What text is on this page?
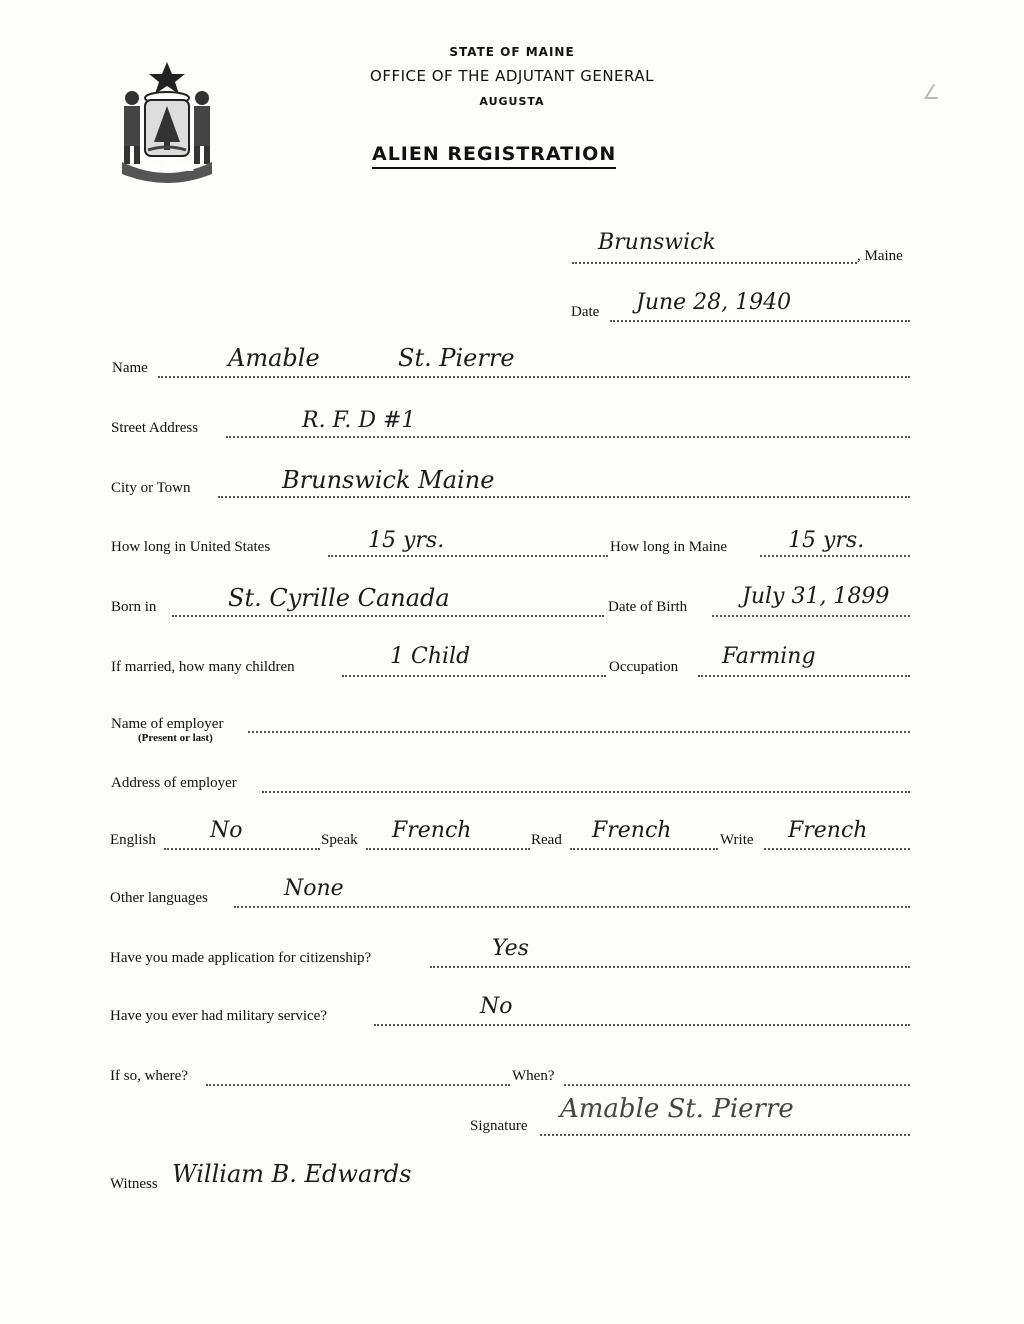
MAINE
STATE OF MAINE
OFFICE OF THE ADJUTANT GENERAL
AUGUSTA
ALIEN REGISTRATION
∠
Brunswick
, Maine
Date June 28, 1940
Name	Amable	St. Pierre
Street Address	R. F. D #1
City or Town	Brunswick Maine
How long in United States	15 yrs.	How long in Maine	15 yrs.
Born in	St. Cyrille Canada	Date of Birth July 31, 1899
If married, how many children	1 Child	Occupation Farming
Name of employer
(Present or last)
Address of employer
English No	Speak French	Read French	Write French
Other languages	None
Have you made application for citizenship?	Yes
Have you ever had military service?	No
If so, where?	When?
Signature
Amable St. Pierre
Witness William B. Edwards
